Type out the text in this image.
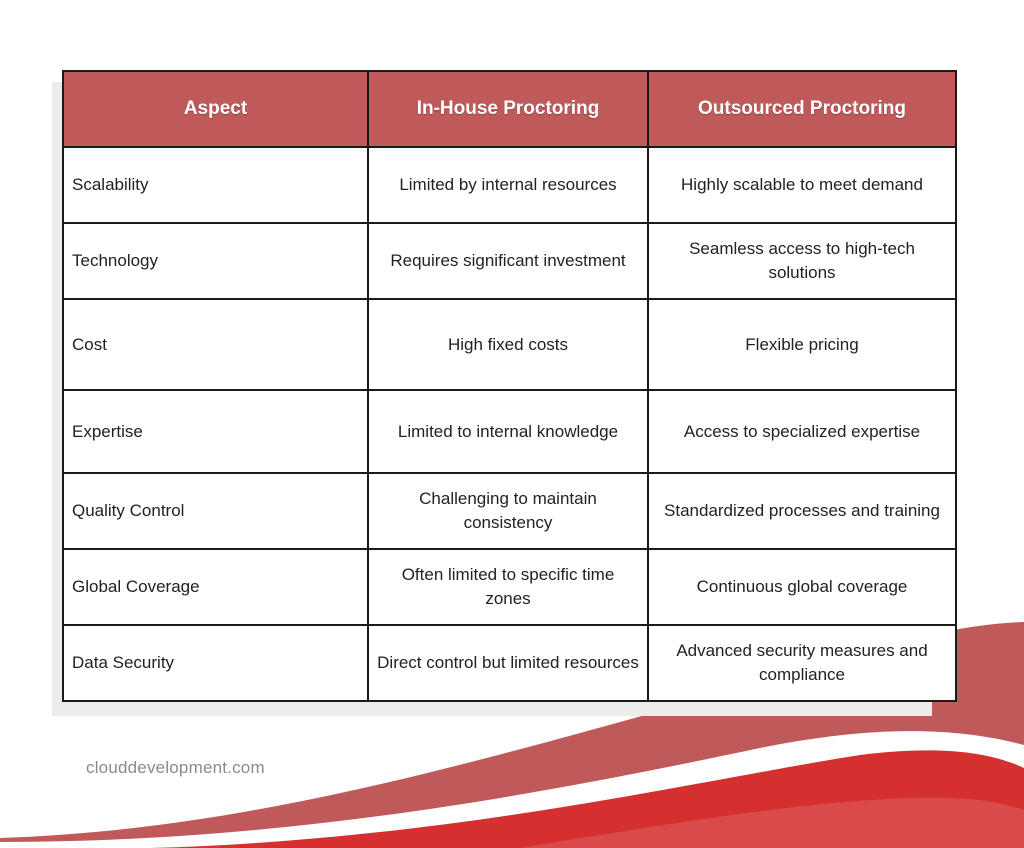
Aspect	In-House Proctoring	Outsourced Proctoring
Scalability	Limited by internal resources	Highly scalable to meet demand
Technology	Requires significant investment	Seamless access to high-tech solutions
Cost	High fixed costs	Flexible pricing
Expertise	Limited to internal knowledge	Access to specialized expertise
Quality Control	Challenging to maintain consistency	Standardized processes and training
Global Coverage	Often limited to specific time zones	Continuous global coverage
Data Security	Direct control but limited resources	Advanced security measures and compliance
clouddevelopment.com
